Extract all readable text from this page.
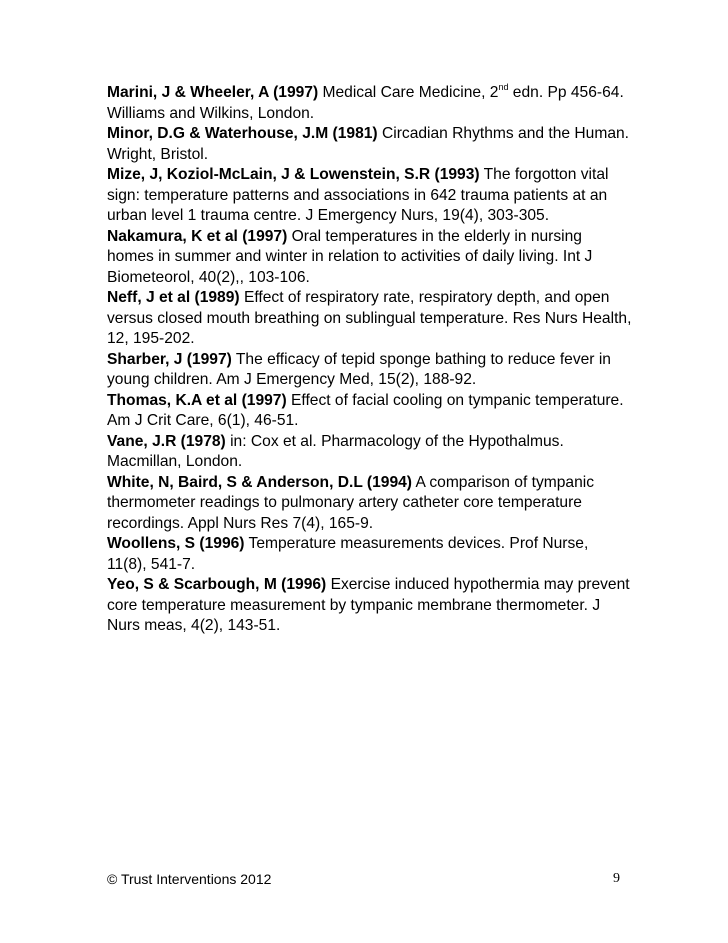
Marini, J & Wheeler, A (1997) Medical Care Medicine, 2nd edn. Pp 456-64. Williams and Wilkins, London.

Minor, D.G & Waterhouse, J.M (1981) Circadian Rhythms and the Human. Wright, Bristol.

Mize, J, Koziol-McLain, J & Lowenstein, S.R (1993) The forgotton vital sign: temperature patterns and associations in 642 trauma patients at an urban level 1 trauma centre. J Emergency Nurs, 19(4), 303-305.

Nakamura, K et al (1997) Oral temperatures in the elderly in nursing homes in summer and winter in relation to activities of daily living. Int J Biometeorol, 40(2),, 103-106.

Neff, J et al (1989) Effect of respiratory rate, respiratory depth, and open versus closed mouth breathing on sublingual temperature. Res Nurs Health, 12, 195-202.

Sharber, J (1997) The efficacy of tepid sponge bathing to reduce fever in young children. Am J Emergency Med, 15(2), 188-92.

Thomas, K.A et al (1997) Effect of facial cooling on tympanic temperature. Am J Crit Care, 6(1), 46-51.

Vane, J.R (1978) in: Cox et al. Pharmacology of the Hypothalmus. Macmillan, London.

White, N, Baird, S & Anderson, D.L (1994) A comparison of tympanic thermometer readings to pulmonary artery catheter core temperature recordings. Appl Nurs Res 7(4), 165-9.

Woollens, S (1996) Temperature measurements devices. Prof Nurse, 11(8), 541-7.

Yeo, S & Scarbough, M (1996) Exercise induced hypothermia may prevent core temperature measurement by tympanic membrane thermometer. J Nurs meas, 4(2), 143-51.

© Trust Interventions 2012	9
